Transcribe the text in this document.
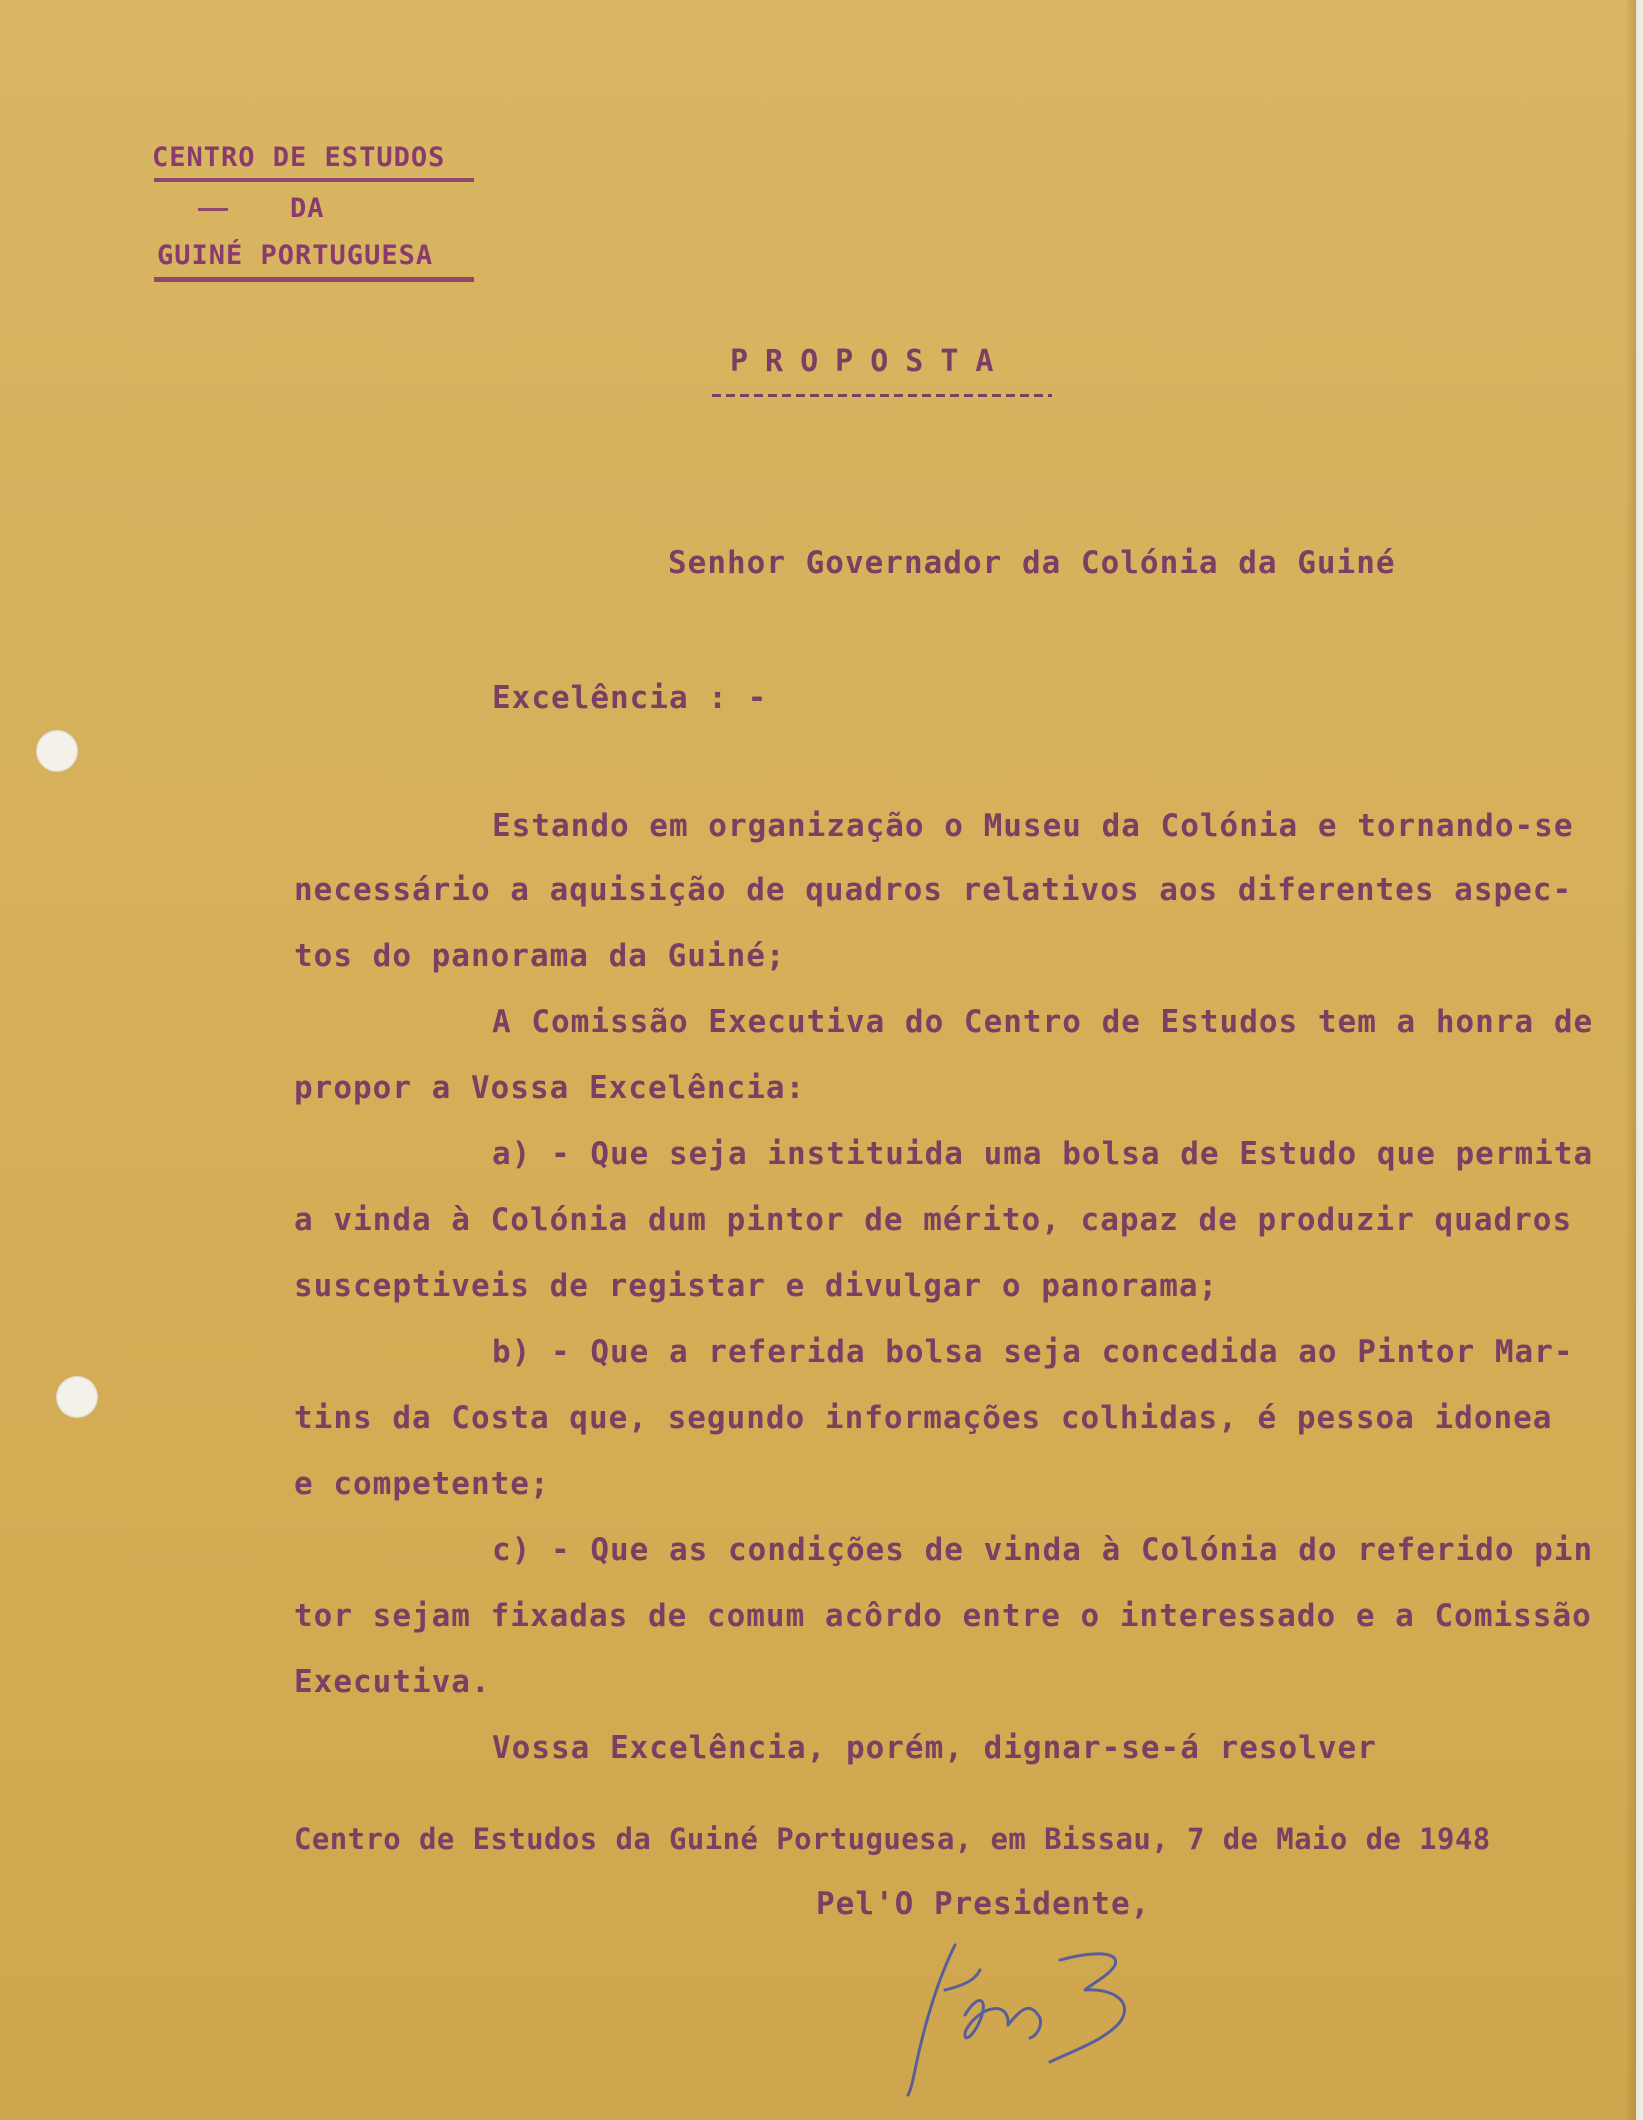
CENTRO DE ESTUDOS
DA
GUINÉ PORTUGUESA
PROPOSTA
Senhor Governador da Colónia da Guiné
Excelência : -
Estando em organização o Museu da Colónia e tornando-se
necessário a aquisição de quadros relativos aos diferentes aspec-
tos do panorama da Guiné;
A Comissão Executiva do Centro de Estudos tem a honra de
propor a Vossa Excelência:
a) - Que seja instituida uma bolsa de Estudo que permita
a vinda à Colónia dum pintor de mérito, capaz de produzir quadros
susceptiveis de registar e divulgar o panorama;
b) - Que a referida bolsa seja concedida ao Pintor Mar-
tins da Costa que, segundo informações colhidas, é pessoa idonea
e competente;
c) - Que as condições de vinda à Colónia do referido pin
tor sejam fixadas de comum acôrdo entre o interessado e a Comissão
Executiva.
Vossa Excelência, porém, dignar-se-á resolver
Centro de Estudos da Guiné Portuguesa, em Bissau, 7 de Maio de 1948
Pel'O Presidente,
